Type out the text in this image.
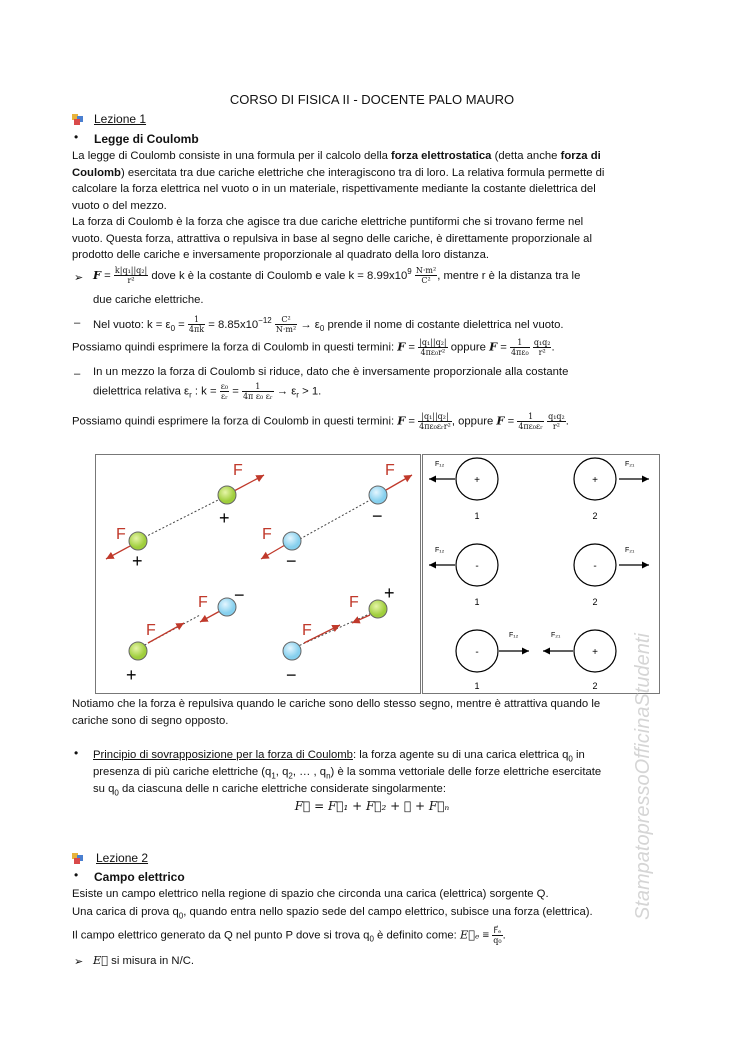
CORSO DI FISICA II - DOCENTE PALO MAURO
Lezione 1
• Legge di Coulomb
La legge di Coulomb consiste in una formula per il calcolo della forza elettrostatica (detta anche forza di
Coulomb) esercitata tra due cariche elettriche che interagiscono tra di loro. La relativa formula permette di
calcolare la forza elettrica nel vuoto o in un materiale, rispettivamente mediante la costante dielettrica del
vuoto o del mezzo.
La forza di Coulomb è la forza che agisce tra due cariche elettriche puntiformi che si trovano ferme nel
vuoto. Questa forza, attrattiva o repulsiva in base al segno delle cariche, è direttamente proporzionale al
prodotto delle cariche e inversamente proporzionale al quadrato della loro distanza.
➢ $F = \frac{\text{k|q₁||q₂|}}{\text{r²}}$ dove k è la costante di Coulomb e vale $k = 8.99x10^9 \frac{\text{N·m²}}{\text{C²}}$ , mentre r è la distanza tra le
due cariche elettriche.
– Nel vuoto: $k = \varepsilon_0 = \frac{1}{4\pi k} = 8.85x10^{-12} \frac{\text{C²}}{\text{N·m²}} \to \varepsilon_0$ prende il nome di costante dielettrica nel vuoto.
Possiamo quindi esprimere la forza di Coulomb in questi termini: $F = \frac{\text{|q₁||q₂|}}{\text{4πε₀r²}}$ oppure $F = \frac{1}{\text{4πε₀}}$
$\frac{\text{q₁q₂}}{\text{r²}}$ .
– In un mezzo la forza di Coulomb si riduce, dato che è inversamente proporzionale alla costante
dielettrica relativa $\varepsilon_r$ : $k = \frac{\text{ε₀}}{\text{εᵣ}} = \frac{1}{\text{4π ε₀ εᵣ}} \to \varepsilon_r > 1$.
Possiamo quindi esprimere la forza di Coulomb in questi termini: $F = \frac{\text{|q₁||q₂|}}{\text{4πε₀εᵣr²}}$ , oppure $F = \frac{1}{\text{4πε₀εᵣ}}$
$\frac{\text{q₁q₂}}{\text{r²}}$ .
F
F
+
+
F
F
−
−
F
F
+
−
F
F
−
+
F₁₂	F₂₁
+	+
1	2
F₁₂	F₂₁
-	-
1	2
F₁₂	F₂₁
-	+
1	2
Notiamo che la forza è repulsiva quando le cariche sono dello stesso segno, mentre è attrattiva quando le
cariche sono di segno opposto.
• Principio di sovrapposizione per la forza di Coulomb: la forza agente su di una carica elettrica $q_0$ in
presenza di più cariche elettriche ($q_1$, $q_2$, … , $q_n$) è la somma vettoriale delle forze elettriche esercitate
su $q_0$ da ciascuna delle n cariche elettriche considerate singolarmente:
F⃗ = F⃗₁ + F⃗₂ + ⋯ + F⃗ₙ
Lezione 2
• Campo elettrico
Esiste un campo elettrico nella regione di spazio che circonda una carica (elettrica) sorgente Q.
Una carica di prova $q_0$, quando entra nello spazio sede del campo elettrico, subisce una forza (elettrica).
Il campo elettrico generato da Q nel punto P dove si trova $q_0$ è definito come: E⃗ₑ ≡ $\frac{\text{F⃗ₑ}}{\text{q₀}}$ .
➢ E⃗ si misura in N/C.
StampatopressoOfficinaStudenti
